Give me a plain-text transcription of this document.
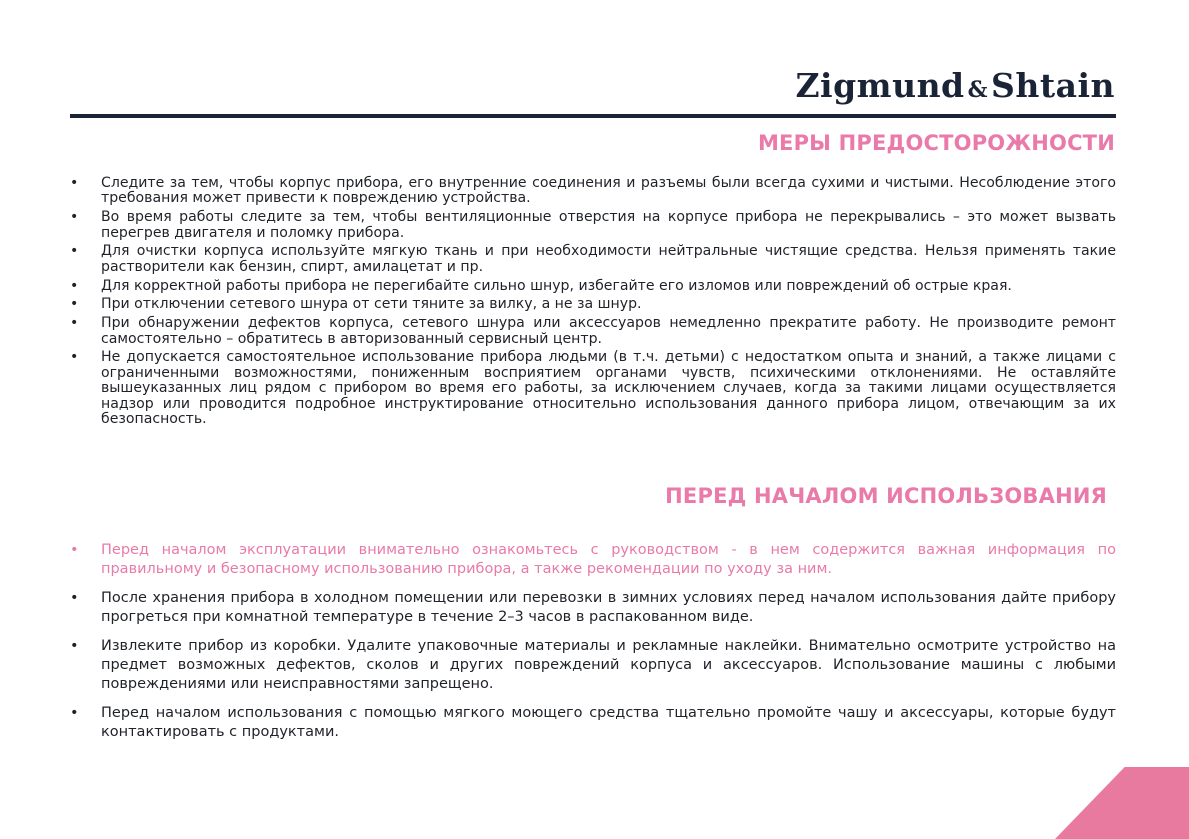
Zigmund &Shtain
МЕРЫ ПРЕДОСТОРОЖНОСТИ
• Следите за тем, чтобы корпус прибора, его внутренние соединения и разъемы были всегда сухими и чистыми. Несоблюдение этого требования может привести к повреждению устройства.
• Во время работы следите за тем, чтобы вентиляционные отверстия на корпусе прибора не перекрывались – это может вызвать перегрев двигателя и поломку прибора.
• Для очистки корпуса используйте мягкую ткань и при необходимости нейтральные чистящие средства. Нельзя применять такие растворители как бензин, спирт, амилацетат и пр.
• Для корректной работы прибора не перегибайте сильно шнур, избегайте его изломов или повреждений об острые края.
• При отключении сетевого шнура от сети тяните за вилку, а не за шнур.
• При обнаружении дефектов корпуса, сетевого шнура или аксессуаров немедленно прекратите работу. Не производите ремонт самостоятельно – обратитесь в авторизованный сервисный центр.
• Не допускается самостоятельное использование прибора людьми (в т.ч. детьми) с недостатком опыта и знаний, а также лицами с ограниченными возможностями, пониженным восприятием органами чувств, психическими отклонениями. Не оставляйте вышеуказанных лиц рядом с прибором во время его работы, за исключением случаев, когда за такими лицами осуществляется надзор или проводится подробное инструктирование относительно использования данного прибора лицом, отвечающим за их безопасность.
ПЕРЕД НАЧАЛОМ ИСПОЛЬЗОВАНИЯ
• Перед началом эксплуатации внимательно ознакомьтесь с руководством - в нем содержится важная информация по правильному и безопасному использованию прибора, а также рекомендации по уходу за ним.
• После хранения прибора в холодном помещении или перевозки в зимних условиях перед началом использования дайте прибору прогреться при комнатной температуре в течение 2–3 часов в распакованном виде.
• Извлеките прибор из коробки. Удалите упаковочные материалы и рекламные наклейки. Внимательно осмотрите устройство на предмет возможных дефектов, сколов и других повреждений корпуса и аксессуаров. Использование машины с любыми повреждениями или неисправностями запрещено.
• Перед началом использования с помощью мягкого моющего средства тщательно промойте чашу и аксессуары, которые будут контактировать с продуктами.
